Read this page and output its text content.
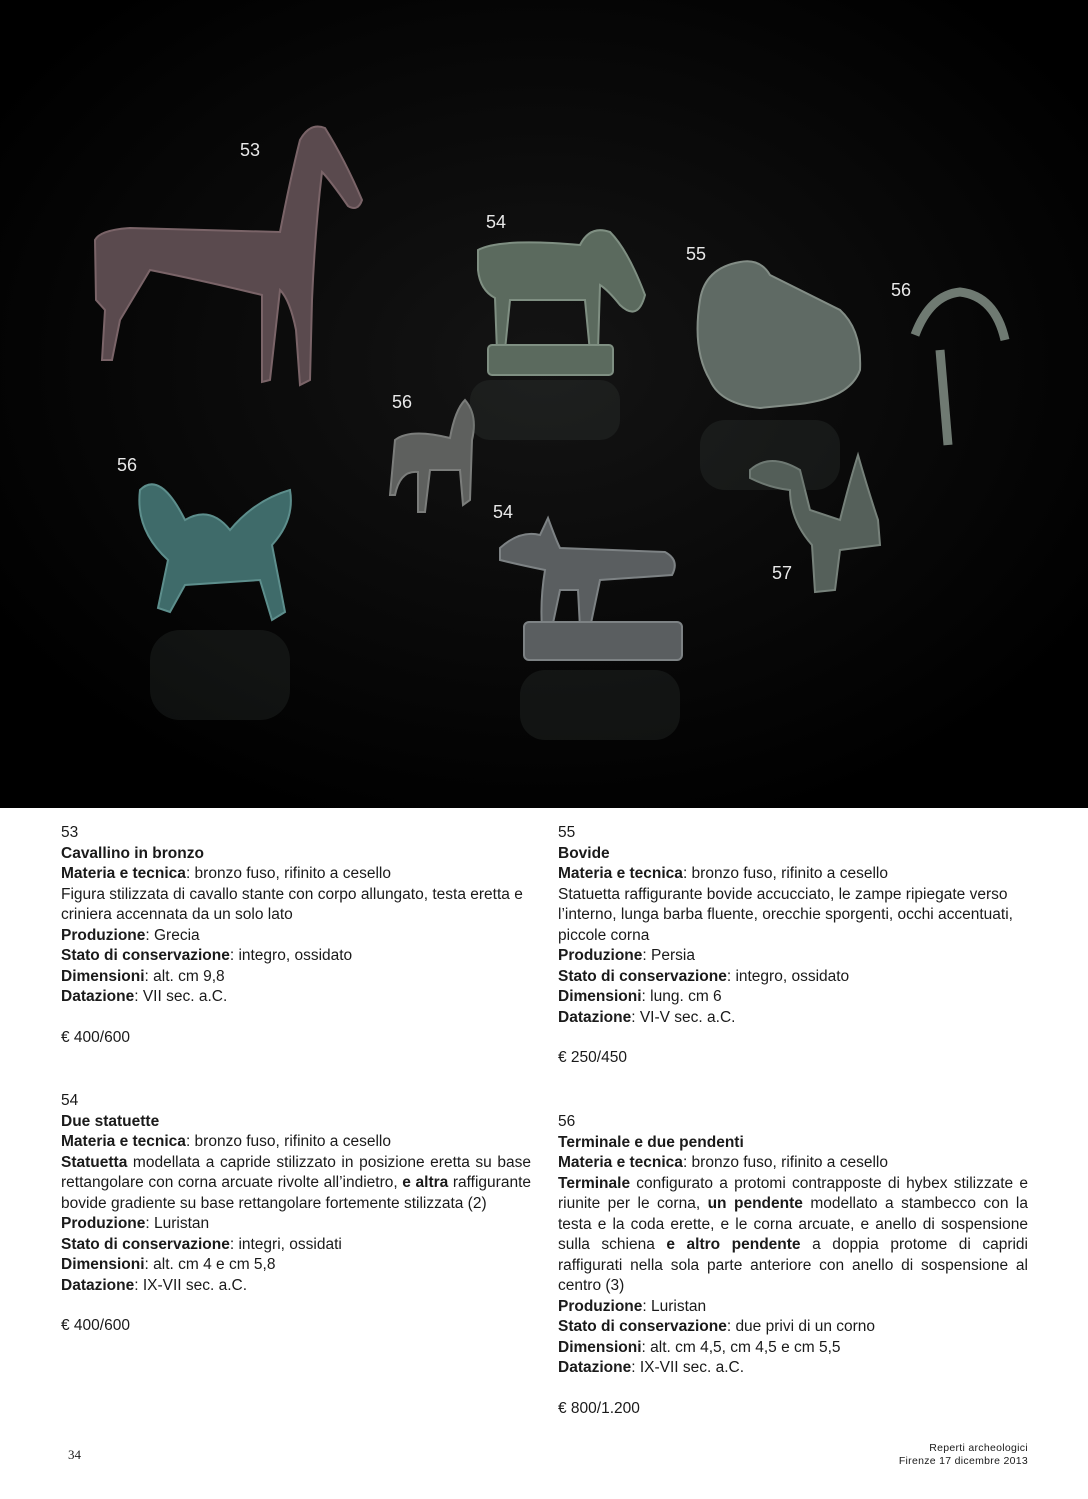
53
54
55
56
56
56
54
57

53

Cavallino in bronzo

Materia e tecnica: bronzo fuso, rifinito a cesello

Figura stilizzata di cavallo stante con corpo allungato, testa eretta e criniera accennata da un solo lato

Produzione: Grecia

Stato di conservazione: integro, ossidato

Dimensioni: alt. cm 9,8

Datazione: VII sec. a.C.

€ 400/600

54

Due statuette

Materia e tecnica: bronzo fuso, rifinito a cesello

Statuetta modellata a capride stilizzato in posizione eretta su base rettangolare con corna arcuate rivolte all’indietro, e altra raffigurante bovide gradiente su base rettangolare fortemente stilizzata (2)

Produzione: Luristan

Stato di conservazione: integri, ossidati

Dimensioni: alt. cm 4 e cm 5,8

Datazione: IX-VII sec. a.C.

€ 400/600

55

Bovide

Materia e tecnica: bronzo fuso, rifinito a cesello

Statuetta raffigurante bovide accucciato, le zampe ripiegate verso l’interno, lunga barba fluente, orecchie sporgenti, occhi accentuati, piccole corna

Produzione: Persia

Stato di conservazione: integro, ossidato

Dimensioni: lung. cm 6

Datazione: VI-V sec. a.C.

€ 250/450

56

Terminale e due pendenti

Materia e tecnica: bronzo fuso, rifinito a cesello

Terminale configurato a protomi contrapposte di hybex stilizzate e riunite per le corna, un pendente modellato a stambecco con la testa e la coda erette, e le corna arcuate, e anello di sospensione sulla schiena e altro pendente a doppia protome di capridi raffigurati nella sola parte anteriore con anello di sospensione al centro (3)

Produzione: Luristan

Stato di conservazione: due privi di un corno

Dimensioni: alt. cm 4,5, cm 4,5 e cm 5,5

Datazione: IX-VII sec. a.C.

€ 800/1.200

34	Reperti archeologici
Firenze 17 dicembre 2013
